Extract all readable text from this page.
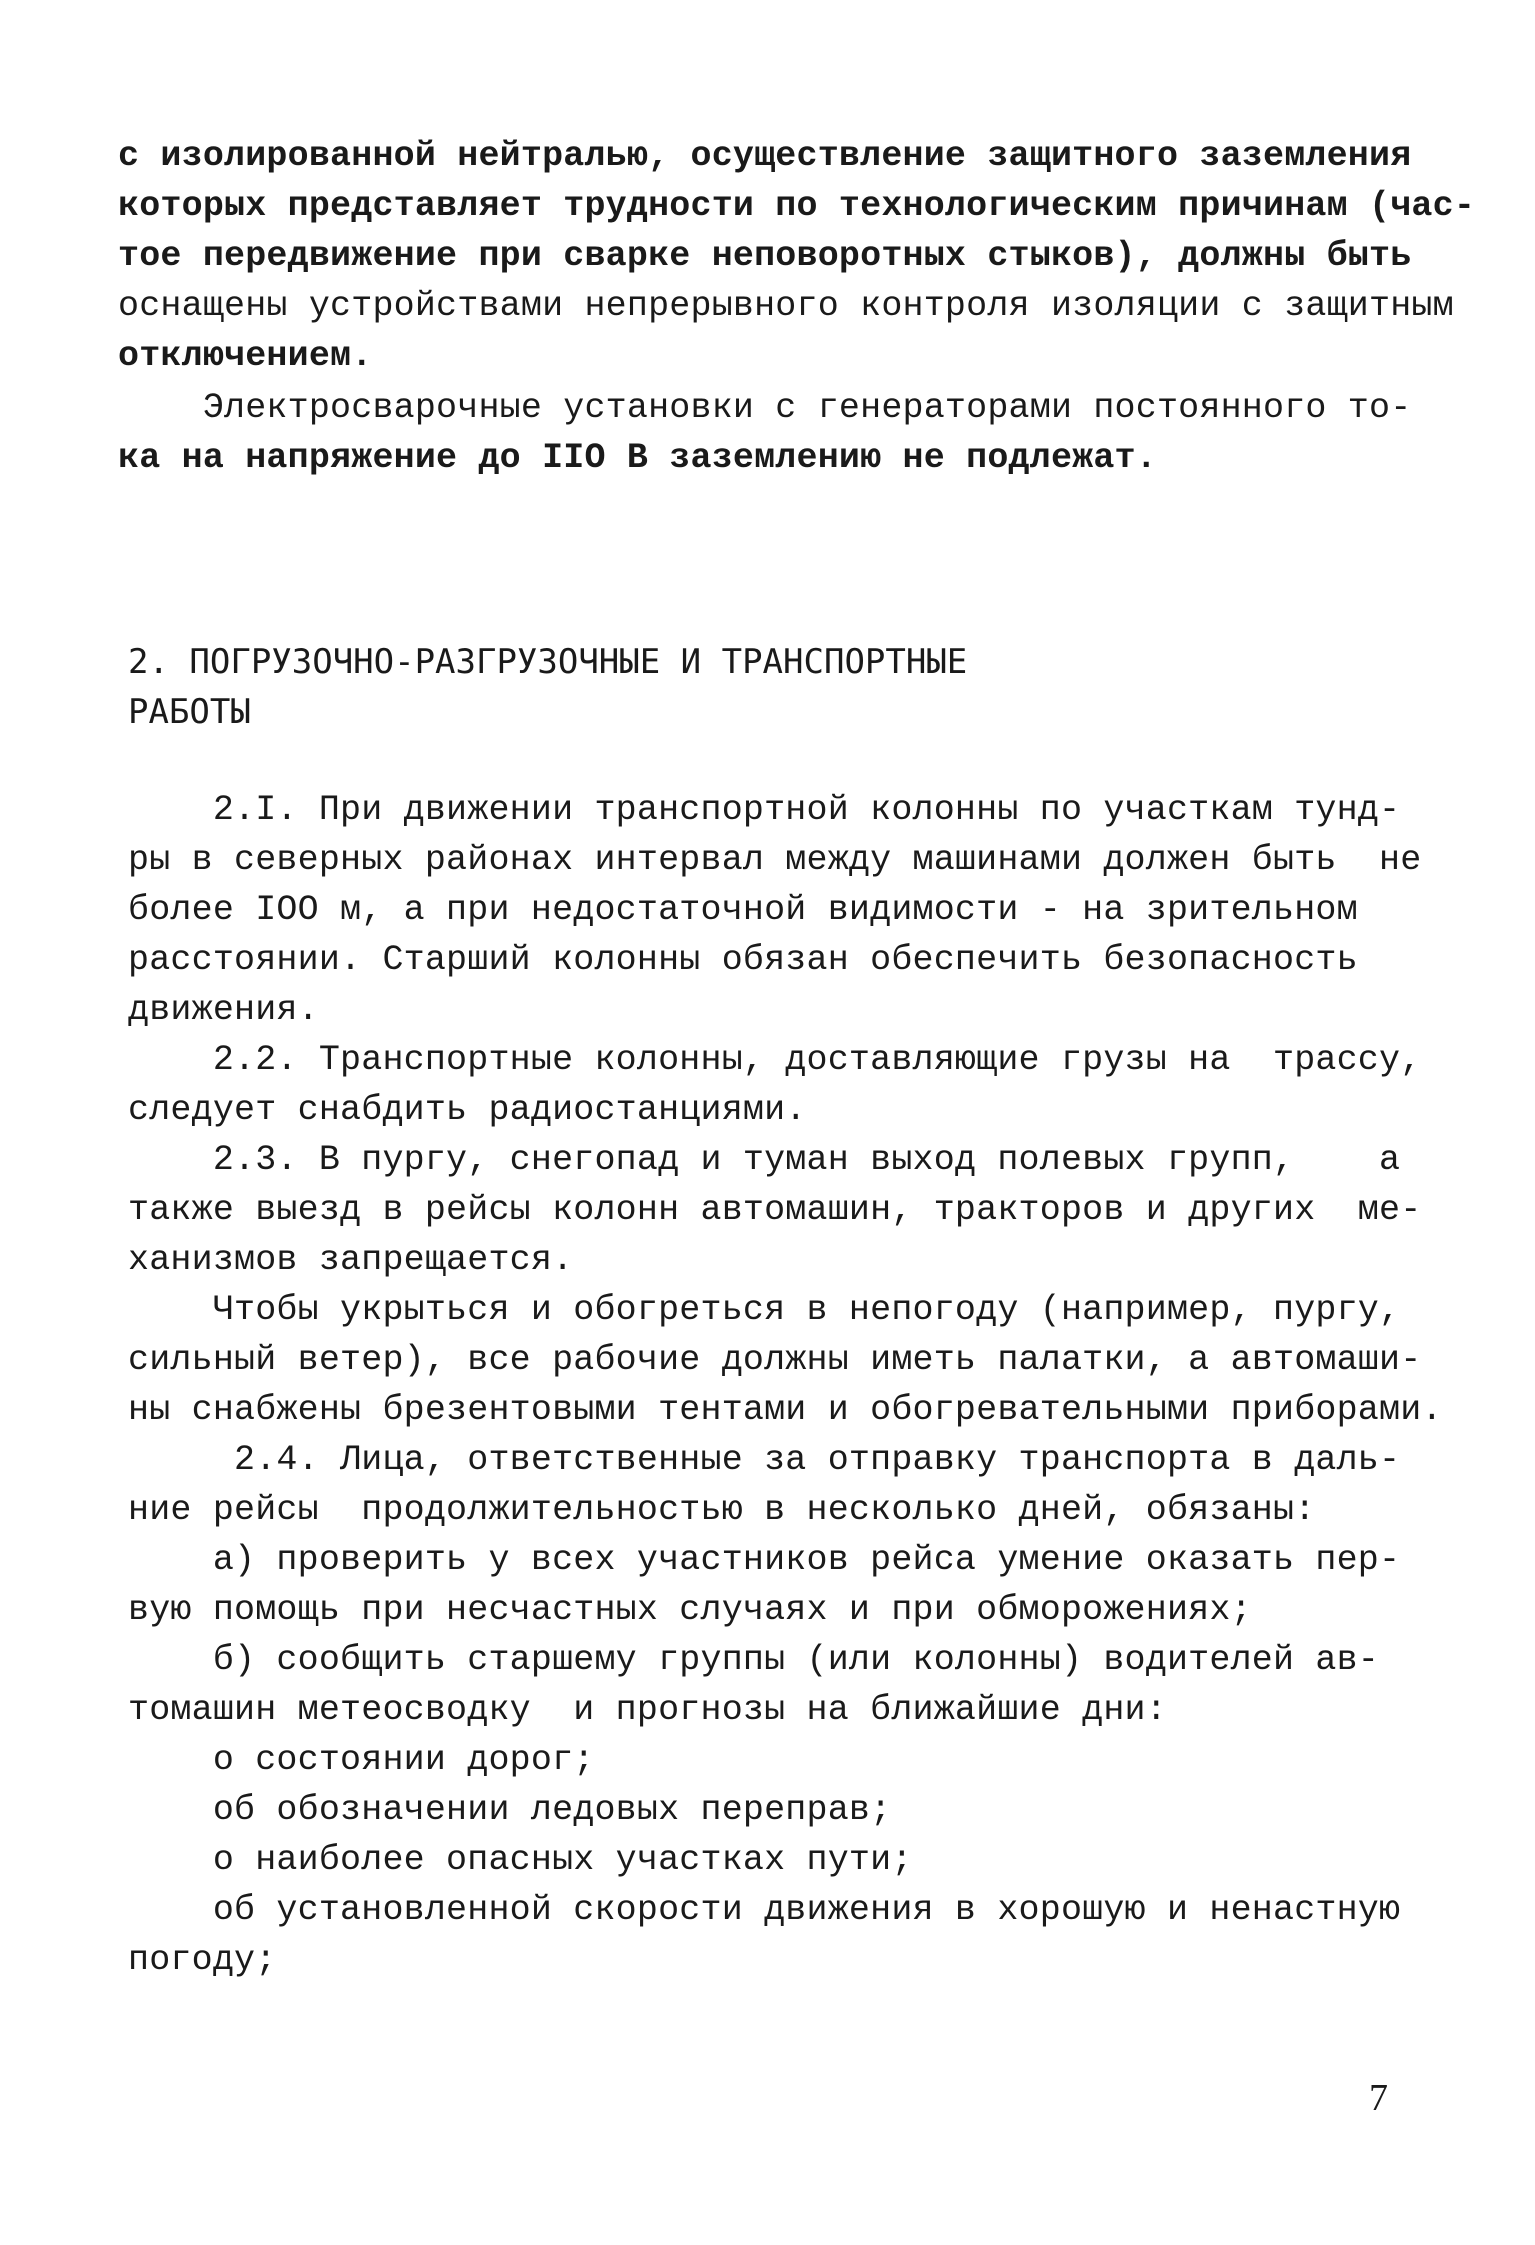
с изолированной нейтралью, осуществление защитного заземления

которых представляет трудности по технологическим причинам (час-

тое передвижение при сварке неповоротных стыков), должны быть

оснащены устройствами непрерывного контроля изоляции с защитным

отключением.

Электросварочные установки с генераторами постоянного то-

ка на напряжение до IIO В заземлению не подлежат.

2. ПОГРУЗОЧНО-РАЗГРУЗОЧНЫЕ И ТРАНСПОРТНЫЕ

РАБОТЫ

2.I. При движении транспортной колонны по участкам тунд-

ры в северных районах интервал между машинами должен быть  не

более IOO м, а при недостаточной видимости - на зрительном

расстоянии. Старший колонны обязан обеспечить безопасность

движения.

2.2. Транспортные колонны, доставляющие грузы на  трассу,

следует снабдить радиостанциями.

2.3. В пургу, снегопад и туман выход полевых групп,    а

также выезд в рейсы колонн автомашин, тракторов и других  ме-

ханизмов запрещается.

Чтобы укрыться и обогреться в непогоду (например, пургу,

сильный ветер), все рабочие должны иметь палатки, а автомаши-

ны снабжены брезентовыми тентами и обогревательными приборами.

2.4. Лица, ответственные за отправку транспорта в даль-

ние рейсы  продолжительностью в несколько дней, обязаны:

а) проверить у всех участников рейса умение оказать пер-

вую помощь при несчастных случаях и при обморожениях;

б) сообщить старшему группы (или колонны) водителей ав-

томашин метеосводку  и прогнозы на ближайшие дни:

о состоянии дорог;

об обозначении ледовых переправ;

о наиболее опасных участках пути;

об установленной скорости движения в хорошую и ненастную

погоду;

7
